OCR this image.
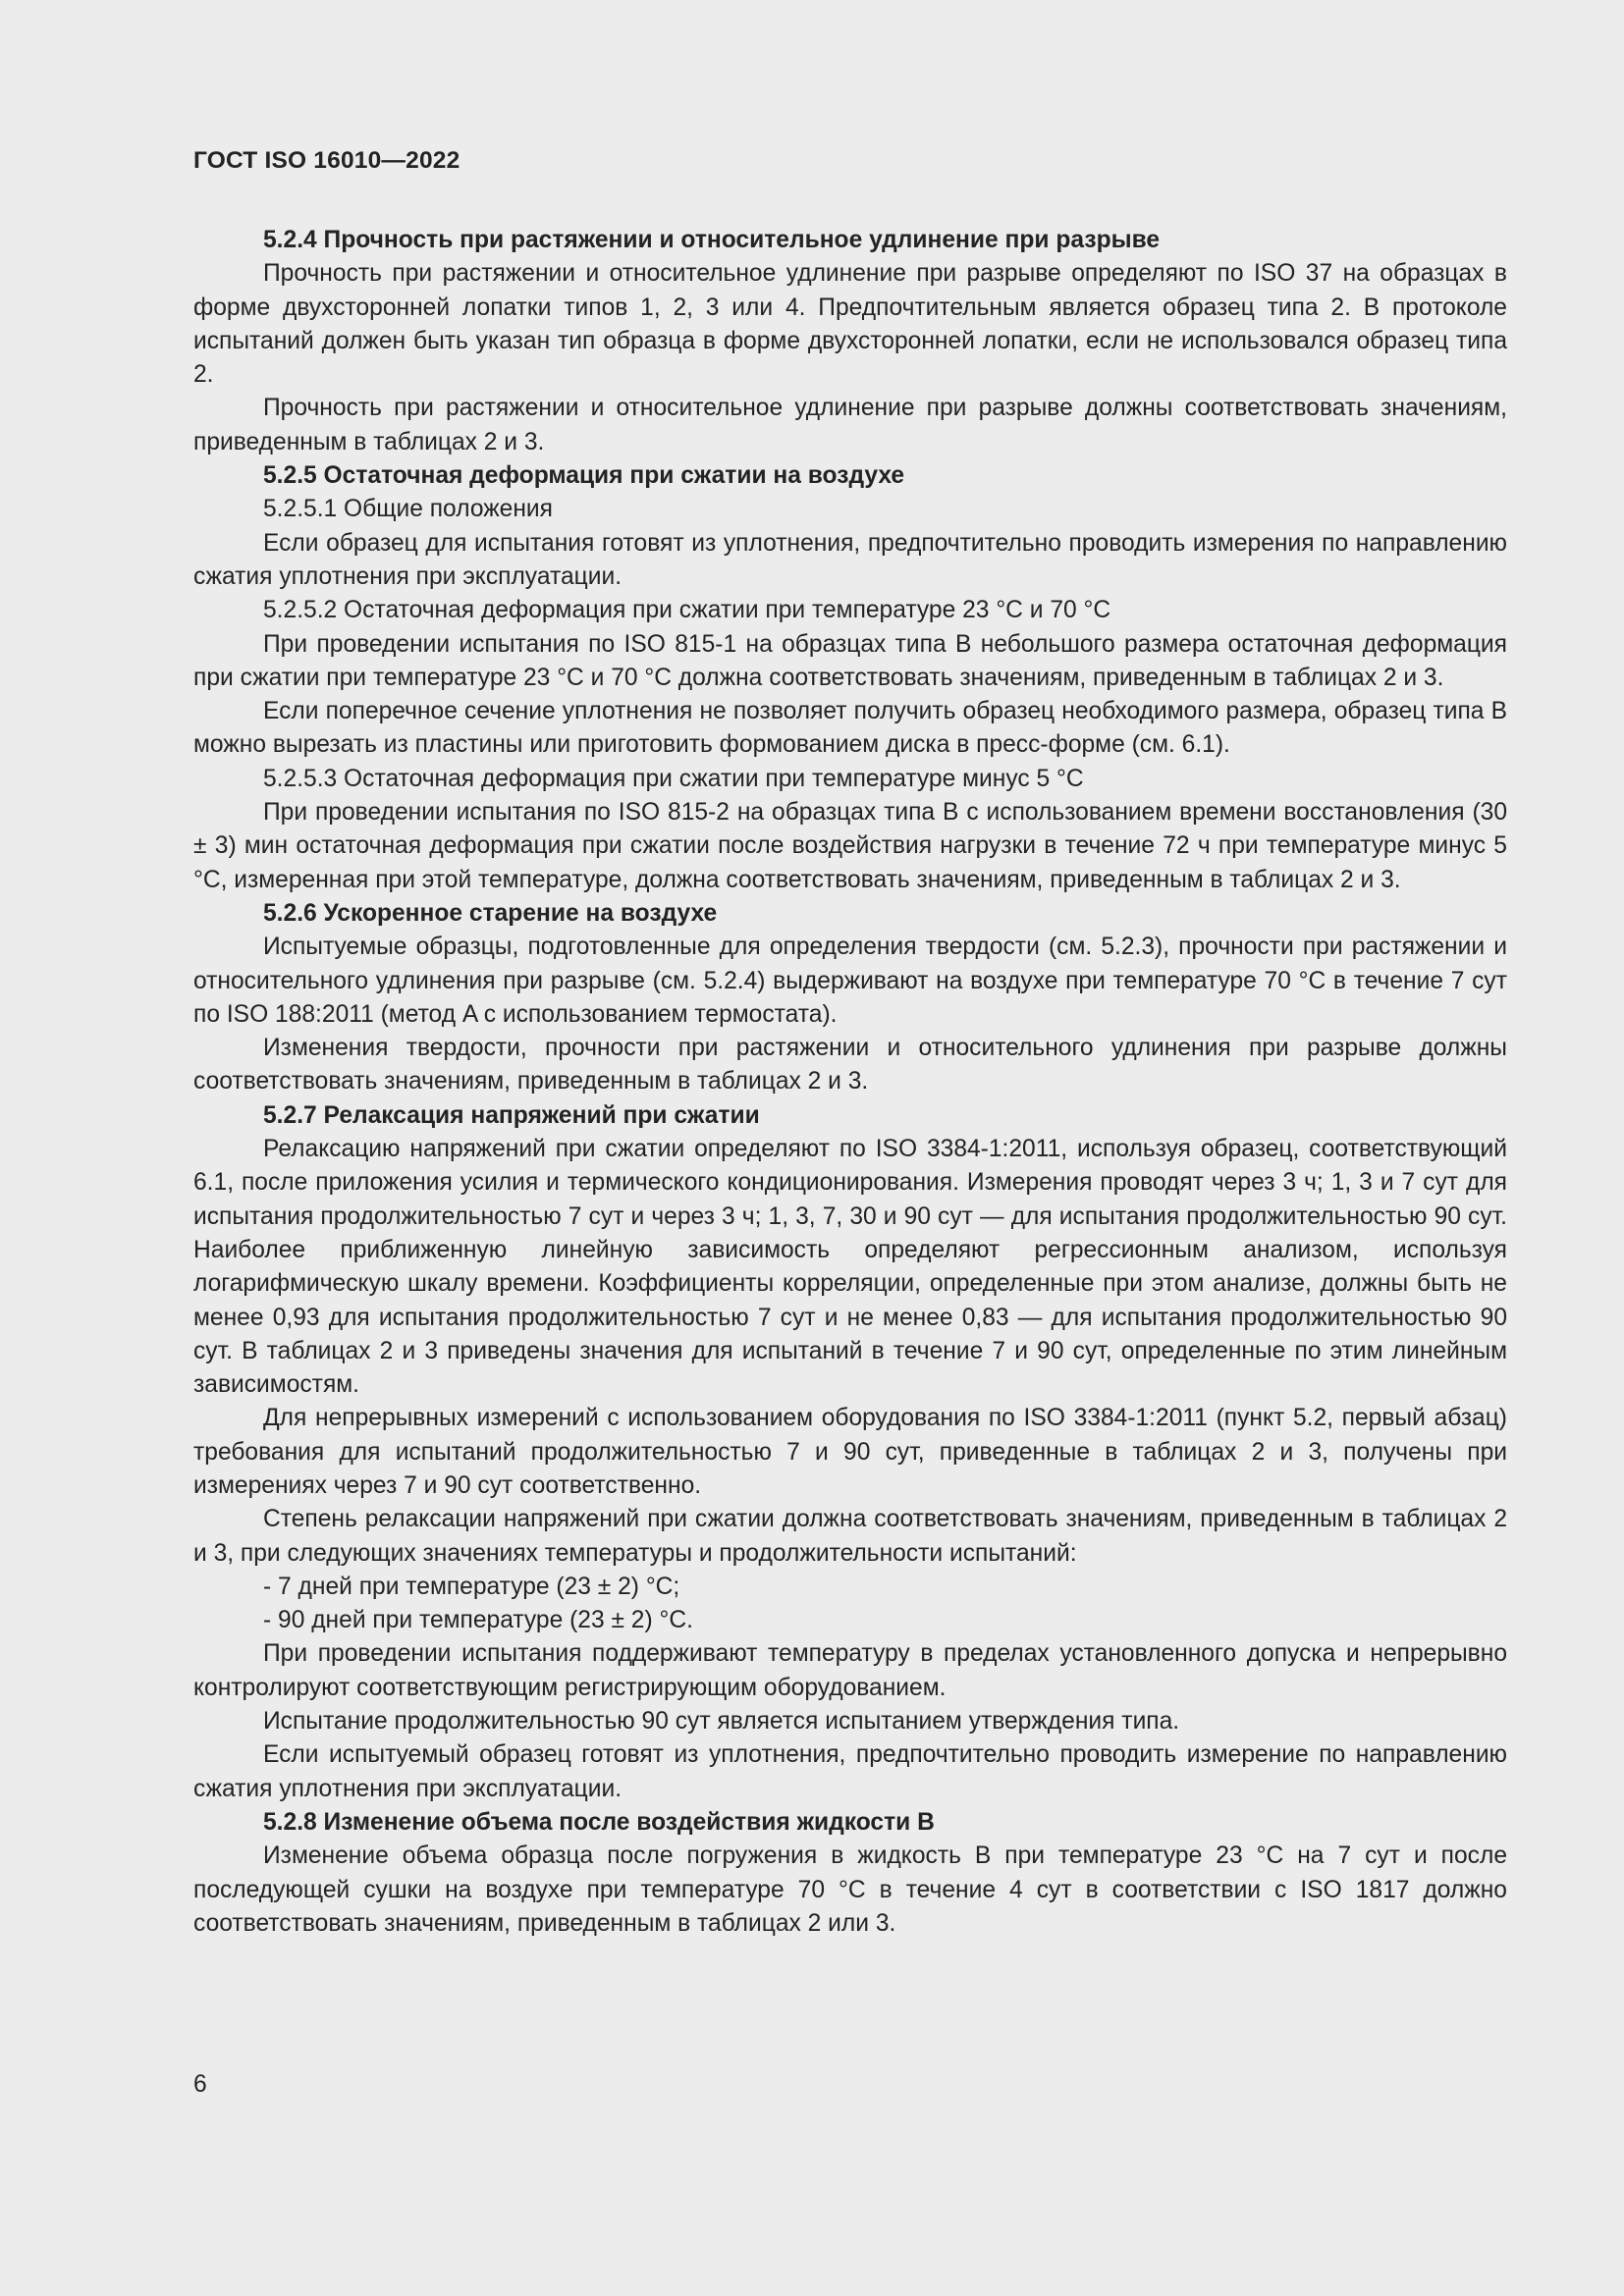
ГОСТ ISO 16010—2022

5.2.4 Прочность при растяжении и относительное удлинение при разрыве

Прочность при растяжении и относительное удлинение при разрыве определяют по ISO 37 на образцах в форме двухсторонней лопатки типов 1, 2, 3 или 4. Предпочтительным является образец типа 2. В протоколе испытаний должен быть указан тип образца в форме двухсторонней лопатки, если не использовался образец типа 2.

Прочность при растяжении и относительное удлинение при разрыве должны соответствовать значениям, приведенным в таблицах 2 и 3.

5.2.5 Остаточная деформация при сжатии на воздухе

5.2.5.1 Общие положения

Если образец для испытания готовят из уплотнения, предпочтительно проводить измерения по направлению сжатия уплотнения при эксплуатации.

5.2.5.2 Остаточная деформация при сжатии при температуре 23 °C и 70 °C

При проведении испытания по ISO 815-1 на образцах типа В небольшого размера остаточная деформация при сжатии при температуре 23 °C и 70 °C должна соответствовать значениям, приведенным в таблицах 2 и 3.

Если поперечное сечение уплотнения не позволяет получить образец необходимого размера, образец типа В можно вырезать из пластины или приготовить формованием диска в пресс-форме (см. 6.1).

5.2.5.3 Остаточная деформация при сжатии при температуре минус 5 °C

При проведении испытания по ISO 815-2 на образцах типа В с использованием времени восстановления (30 ± 3) мин остаточная деформация при сжатии после воздействия нагрузки в течение 72 ч при температуре минус 5 °C, измеренная при этой температуре, должна соответствовать значениям, приведенным в таблицах 2 и 3.

5.2.6 Ускоренное старение на воздухе

Испытуемые образцы, подготовленные для определения твердости (см. 5.2.3), прочности при растяжении и относительного удлинения при разрыве (см. 5.2.4) выдерживают на воздухе при температуре 70 °C в течение 7 сут по ISO 188:2011 (метод A с использованием термостата).

Изменения твердости, прочности при растяжении и относительного удлинения при разрыве должны соответствовать значениям, приведенным в таблицах 2 и 3.

5.2.7 Релаксация напряжений при сжатии

Релаксацию напряжений при сжатии определяют по ISO 3384-1:2011, используя образец, соответствующий 6.1, после приложения усилия и термического кондиционирования. Измерения проводят через 3 ч; 1, 3 и 7 сут для испытания продолжительностью 7 сут и через 3 ч; 1, 3, 7, 30 и 90 сут — для испытания продолжительностью 90 сут. Наиболее приближенную линейную зависимость определяют регрессионным анализом, используя логарифмическую шкалу времени. Коэффициенты корреляции, определенные при этом анализе, должны быть не менее 0,93 для испытания продолжительностью 7 сут и не менее 0,83 — для испытания продолжительностью 90 сут. В таблицах 2 и 3 приведены значения для испытаний в течение 7 и 90 сут, определенные по этим линейным зависимостям.

Для непрерывных измерений с использованием оборудования по ISO 3384-1:2011 (пункт 5.2, первый абзац) требования для испытаний продолжительностью 7 и 90 сут, приведенные в таблицах 2 и 3, получены при измерениях через 7 и 90 сут соответственно.

Степень релаксации напряжений при сжатии должна соответствовать значениям, приведенным в таблицах 2 и 3, при следующих значениях температуры и продолжительности испытаний:

- 7 дней при температуре (23 ± 2) °C;

- 90 дней при температуре (23 ± 2) °C.

При проведении испытания поддерживают температуру в пределах установленного допуска и непрерывно контролируют соответствующим регистрирующим оборудованием.

Испытание продолжительностью 90 сут является испытанием утверждения типа.

Если испытуемый образец готовят из уплотнения, предпочтительно проводить измерение по направлению сжатия уплотнения при эксплуатации.

5.2.8 Изменение объема после воздействия жидкости В

Изменение объема образца после погружения в жидкость В при температуре 23 °C на 7 сут и после последующей сушки на воздухе при температуре 70 °C в течение 4 сут в соответствии с ISO 1817 должно соответствовать значениям, приведенным в таблицах 2 или 3.

6
